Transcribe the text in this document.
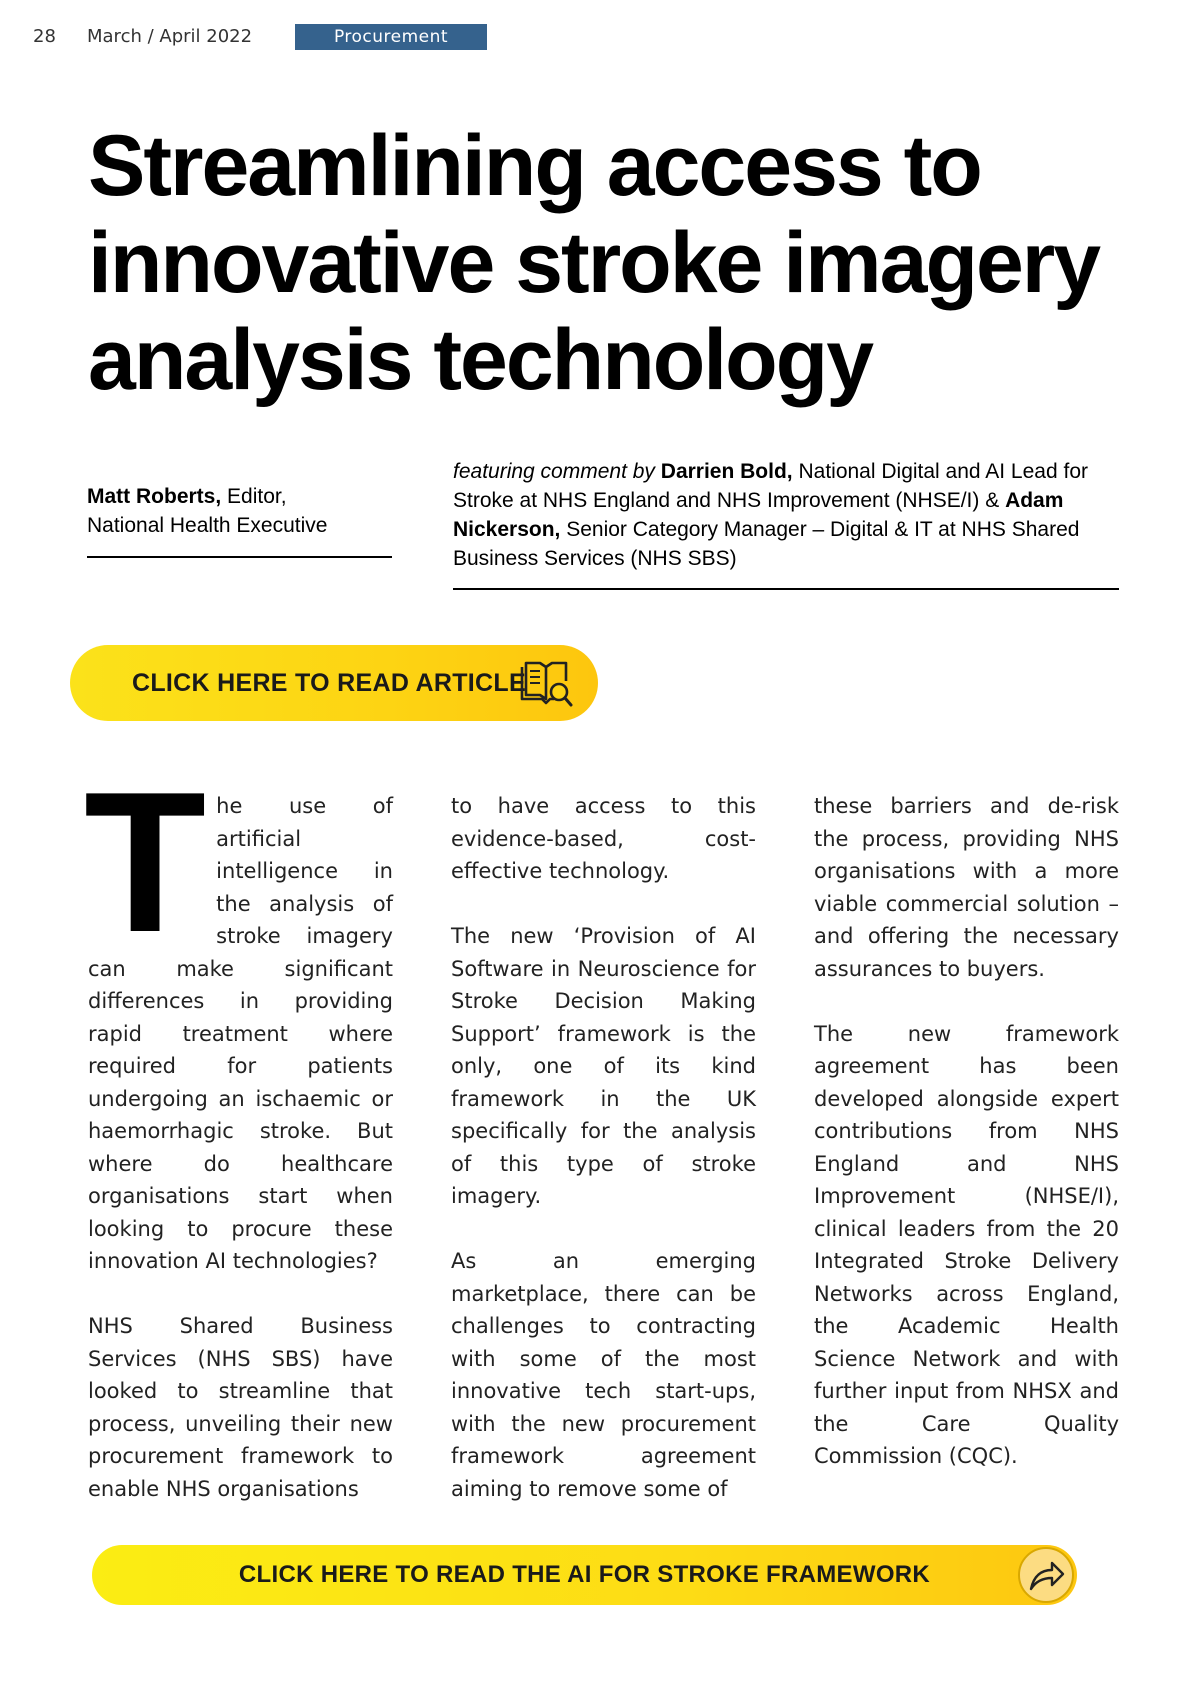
28 March / April 2022	Procurement
Streamlining access to innovative stroke imagery analysis technology
Matt Roberts, Editor,
National Health Executive
featuring comment by Darrien Bold, National Digital and AI Lead for Stroke at NHS England and NHS Improvement (NHSE/I) & Adam Nickerson, Senior Category Manager – Digital & IT at NHS Shared Business Services (NHS SBS)
CLICK HERE TO READ ARTICLE

The use of artificial intelligence in the analysis of stroke imagery can make significant differences in providing rapid treatment where required for patients undergoing an ischaemic or haemorrhagic stroke. But where do healthcare organisations start when looking to procure these innovation AI technologies?

NHS Shared Business Services (NHS SBS) have looked to streamline that process, unveiling their new procurement framework to enable NHS organisations

to have access to this evidence-based, cost-effective technology.

The new ‘Provision of AI Software in Neuroscience for Stroke Decision Making Support’ framework is the only, one of its kind framework in the UK specifically for the analysis of this type of stroke imagery.

As an emerging marketplace, there can be challenges to contracting with some of the most innovative tech start-ups, with the new procurement framework agreement aiming to remove some of

these barriers and de-risk the process, providing NHS organisations with a more viable commercial solution – and offering the necessary assurances to buyers.

The new framework agreement has been developed alongside expert contributions from NHS England and NHS Improvement (NHSE/I), clinical leaders from the 20 Integrated Stroke Delivery Networks across England, the Academic Health Science Network and with further input from NHSX and the Care Quality Commission (CQC).

CLICK HERE TO READ THE AI FOR STROKE FRAMEWORK
